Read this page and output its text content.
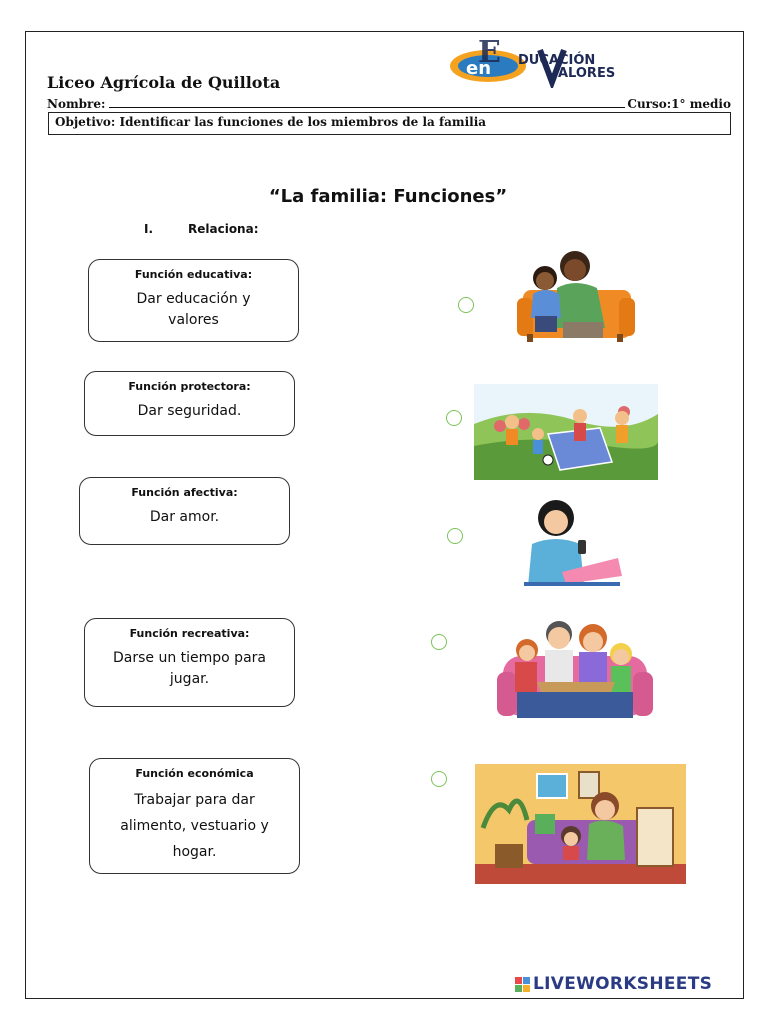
en
E DUCACIÓN
ALORES
Liceo Agrícola de Quillota
Nombre:	Curso:1° medio
Objetivo: Identificar las funciones de los miembros de la familia
“La familia: Funciones”
I.	Relaciona:
Función educativa:
Dar educación y valores
Función protectora:
Dar seguridad.
Función afectiva:
Dar amor.
Función recreativa:
Darse un tiempo para jugar.
Función económica
Trabajar para dar alimento, vestuario y hogar.
LIVEWORKSHEETS
